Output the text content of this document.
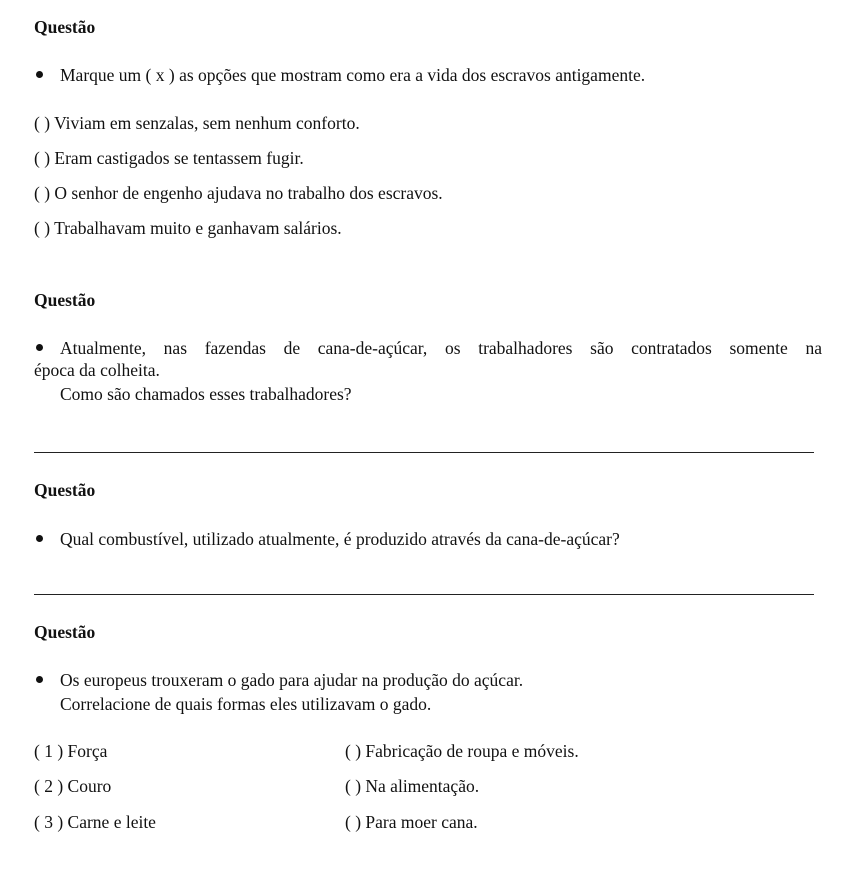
Questão
Marque um ( x ) as opções que mostram como era a vida dos escravos antigamente.
( ) Viviam em senzalas, sem nenhum conforto.
( ) Eram castigados se tentassem fugir.
( ) O senhor de engenho ajudava no trabalho dos escravos.
( ) Trabalhavam muito e ganhavam salários.
Questão
Atualmente, nas fazendas de cana-de-açúcar, os trabalhadores são contratados somente na
época da colheita.
Como são chamados esses trabalhadores?
Questão
Qual combustível, utilizado atualmente, é produzido através da cana-de-açúcar?
Questão
Os europeus trouxeram o gado para ajudar na produção do açúcar.
Correlacione de quais formas eles utilizavam o gado.
( 1 ) Força
( 2 ) Couro
( 3 ) Carne e leite
( ) Fabricação de roupa e móveis.
( ) Na alimentação.
( ) Para moer cana.
